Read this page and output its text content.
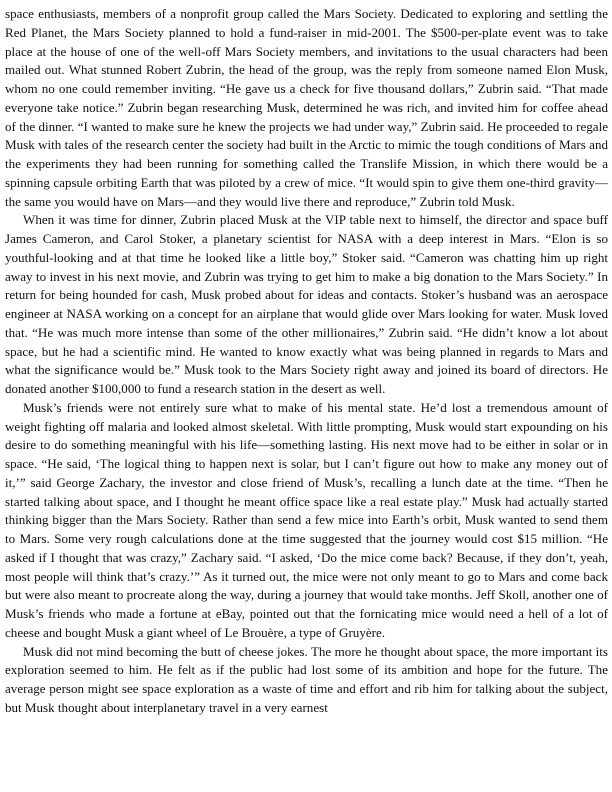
space enthusiasts, members of a nonprofit group called the Mars Society. Dedicated to exploring and settling the Red Planet, the Mars Society planned to hold a fund-raiser in mid-2001. The $500-per-plate event was to take place at the house of one of the well-off Mars Society members, and invitations to the usual characters had been mailed out. What stunned Robert Zubrin, the head of the group, was the reply from someone named Elon Musk, whom no one could remember inviting. “He gave us a check for five thousand dollars,” Zubrin said. “That made everyone take notice.” Zubrin began researching Musk, determined he was rich, and invited him for coffee ahead of the dinner. “I wanted to make sure he knew the projects we had under way,” Zubrin said. He proceeded to regale Musk with tales of the research center the society had built in the Arctic to mimic the tough conditions of Mars and the experiments they had been running for something called the Translife Mission, in which there would be a spinning capsule orbiting Earth that was piloted by a crew of mice. “It would spin to give them one-third gravity—the same you would have on Mars—and they would live there and reproduce,” Zubrin told Musk.

When it was time for dinner, Zubrin placed Musk at the VIP table next to himself, the director and space buff James Cameron, and Carol Stoker, a planetary scientist for NASA with a deep interest in Mars. “Elon is so youthful-looking and at that time he looked like a little boy,” Stoker said. “Cameron was chatting him up right away to invest in his next movie, and Zubrin was trying to get him to make a big donation to the Mars Society.” In return for being hounded for cash, Musk probed about for ideas and contacts. Stoker’s husband was an aerospace engineer at NASA working on a concept for an airplane that would glide over Mars looking for water. Musk loved that. “He was much more intense than some of the other millionaires,” Zubrin said. “He didn’t know a lot about space, but he had a scientific mind. He wanted to know exactly what was being planned in regards to Mars and what the significance would be.” Musk took to the Mars Society right away and joined its board of directors. He donated another $100,000 to fund a research station in the desert as well.

Musk’s friends were not entirely sure what to make of his mental state. He’d lost a tremendous amount of weight fighting off malaria and looked almost skeletal. With little prompting, Musk would start expounding on his desire to do something meaningful with his life—something lasting. His next move had to be either in solar or in space. “He said, ‘The logical thing to happen next is solar, but I can’t figure out how to make any money out of it,’” said George Zachary, the investor and close friend of Musk’s, recalling a lunch date at the time. “Then he started talking about space, and I thought he meant office space like a real estate play.” Musk had actually started thinking bigger than the Mars Society. Rather than send a few mice into Earth’s orbit, Musk wanted to send them to Mars. Some very rough calculations done at the time suggested that the journey would cost $15 million. “He asked if I thought that was crazy,” Zachary said. “I asked, ‘Do the mice come back? Because, if they don’t, yeah, most people will think that’s crazy.’” As it turned out, the mice were not only meant to go to Mars and come back but were also meant to procreate along the way, during a journey that would take months. Jeff Skoll, another one of Musk’s friends who made a fortune at eBay, pointed out that the fornicating mice would need a hell of a lot of cheese and bought Musk a giant wheel of Le Brouère, a type of Gruyère.

Musk did not mind becoming the butt of cheese jokes. The more he thought about space, the more important its exploration seemed to him. He felt as if the public had lost some of its ambition and hope for the future. The average person might see space exploration as a waste of time and effort and rib him for talking about the subject, but Musk thought about interplanetary travel in a very earnest
